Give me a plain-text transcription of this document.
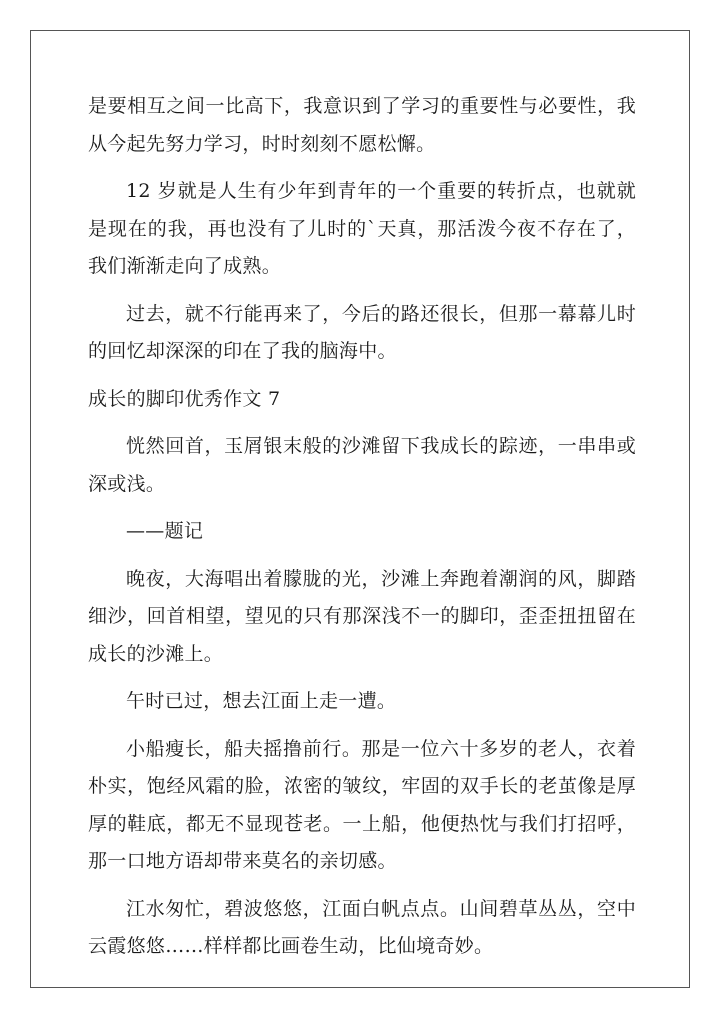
是要相互之间一比高下，我意识到了学习的重要性与必要性，我从今起先努力学习，时时刻刻不愿松懈。

12 岁就是人生有少年到青年的一个重要的转折点，也就就是现在的我，再也没有了儿时的`天真，那活泼今夜不存在了，我们渐渐走向了成熟。

过去，就不行能再来了，今后的路还很长，但那一幕幕儿时的回忆却深深的印在了我的脑海中。

成长的脚印优秀作文 7

恍然回首，玉屑银末般的沙滩留下我成长的踪迹，一串串或深或浅。

——题记

晚夜，大海唱出着朦胧的光，沙滩上奔跑着潮润的风，脚踏细沙，回首相望，望见的只有那深浅不一的脚印，歪歪扭扭留在成长的沙滩上。

午时已过，想去江面上走一遭。

小船瘦长，船夫摇撸前行。那是一位六十多岁的老人，衣着朴实，饱经风霜的脸，浓密的皱纹，牢固的双手长的老茧像是厚厚的鞋底，都无不显现苍老。一上船，他便热忱与我们打招呼，那一口地方语却带来莫名的亲切感。

江水匆忙，碧波悠悠，江面白帆点点。山间碧草丛丛，空中云霞悠悠……样样都比画卷生动，比仙境奇妙。
